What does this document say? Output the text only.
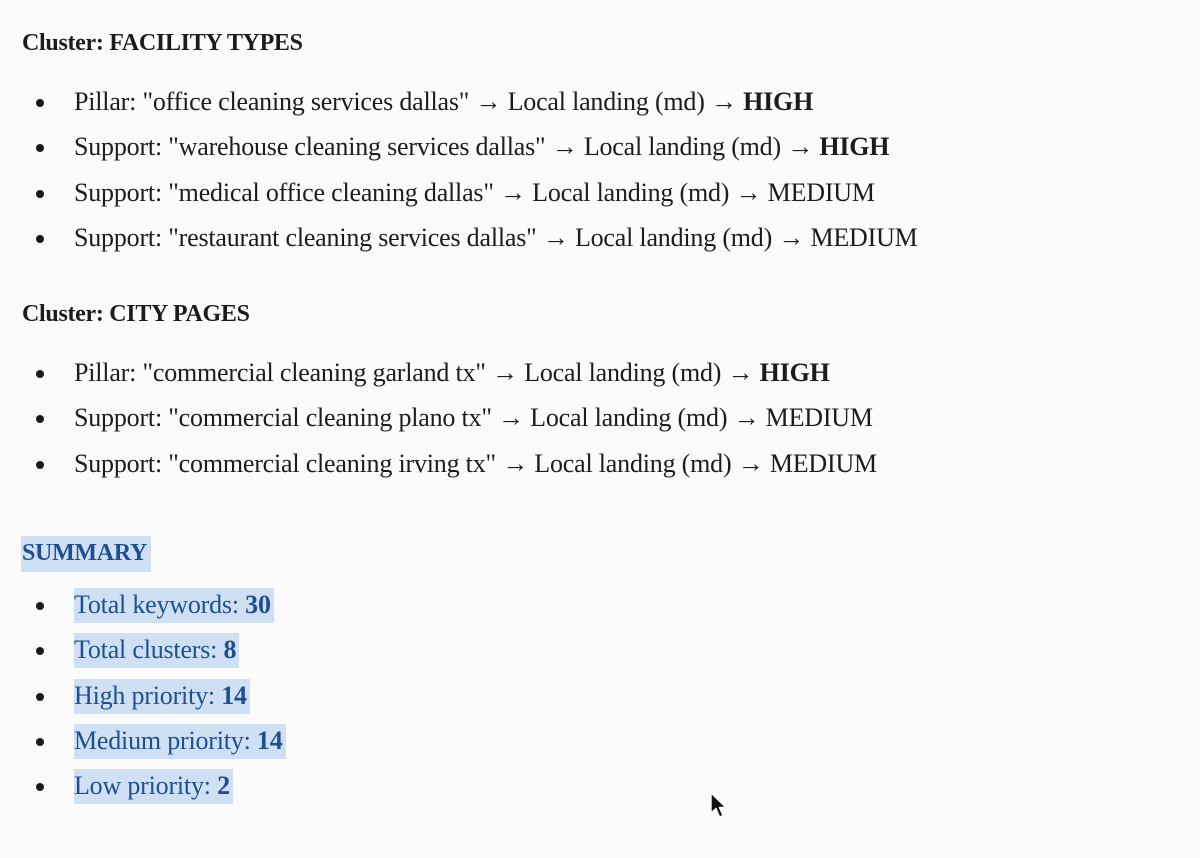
Cluster: FACILITY TYPES
Pillar: "office cleaning services dallas" → Local landing (md) → HIGH
Support: "warehouse cleaning services dallas" → Local landing (md) → HIGH
Support: "medical office cleaning dallas" → Local landing (md) → MEDIUM
Support: "restaurant cleaning services dallas" → Local landing (md) → MEDIUM
Cluster: CITY PAGES
Pillar: "commercial cleaning garland tx" → Local landing (md) → HIGH
Support: "commercial cleaning plano tx" → Local landing (md) → MEDIUM
Support: "commercial cleaning irving tx" → Local landing (md) → MEDIUM
SUMMARY
Total keywords: 30
Total clusters: 8
High priority: 14
Medium priority: 14
Low priority: 2
